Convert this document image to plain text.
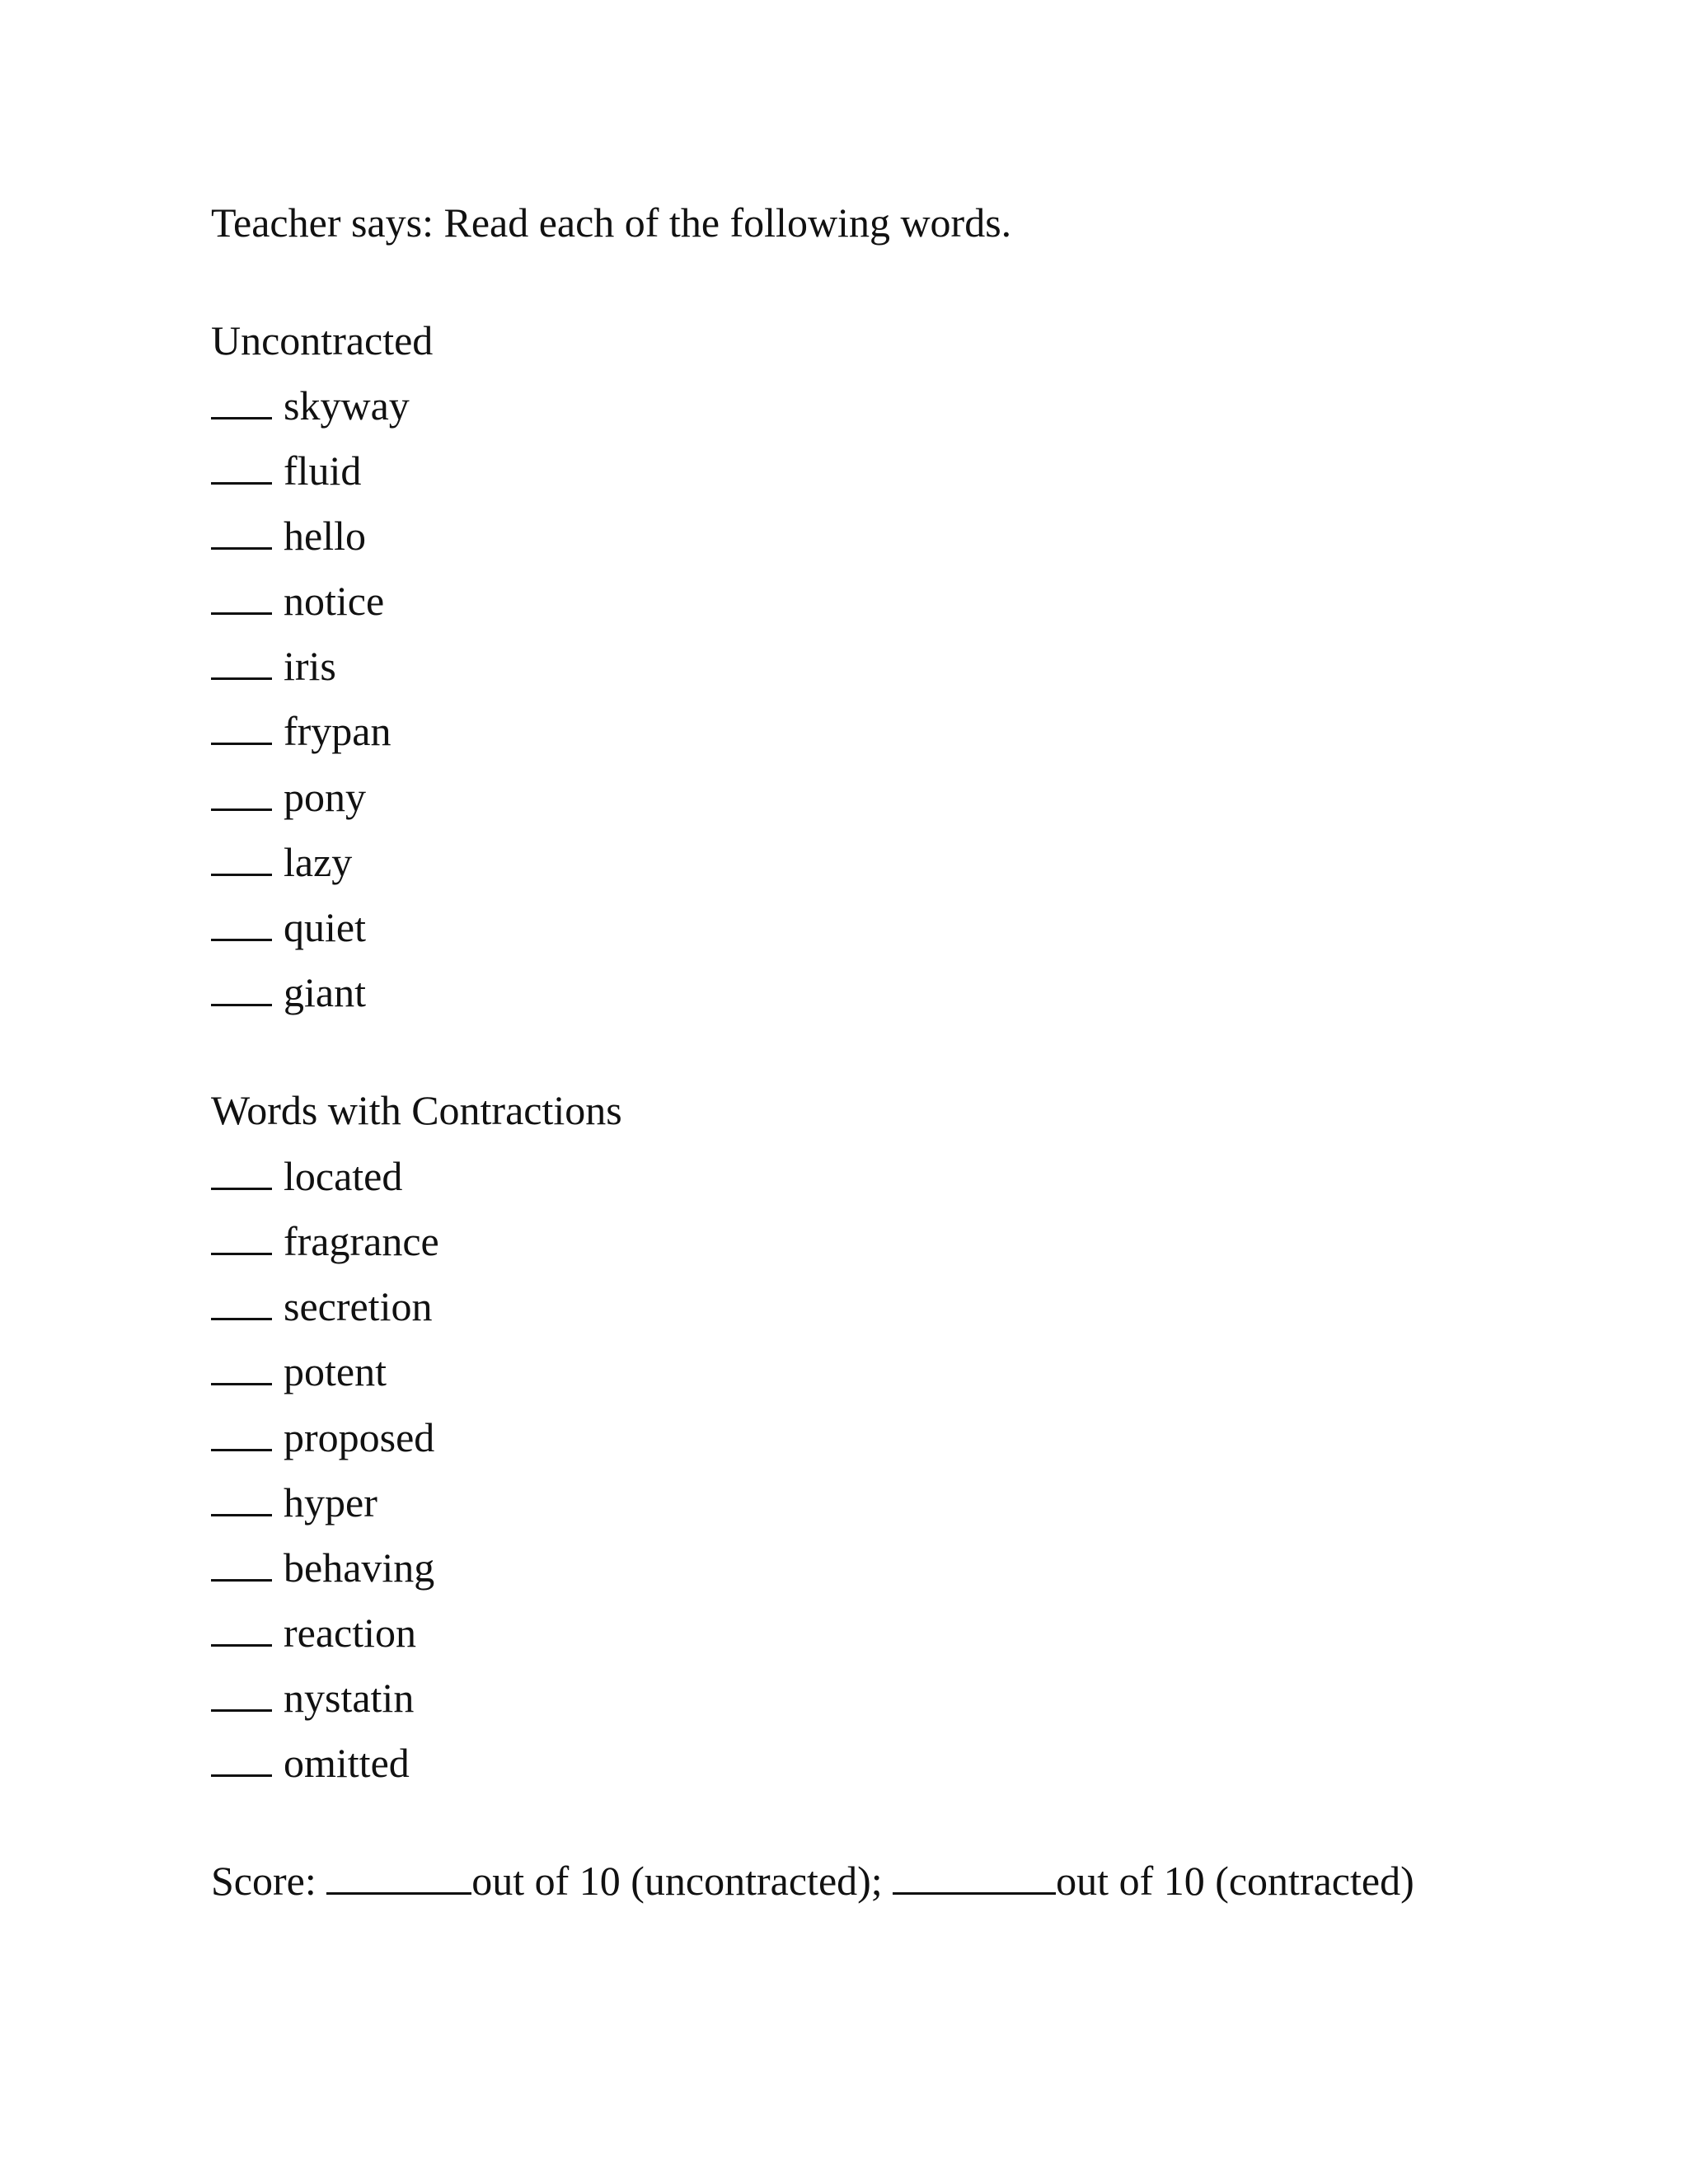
Teacher says: Read each of the following words.
Uncontracted
skyway
fluid
hello
notice
iris
frypan
pony
lazy
quiet
giant
Words with Contractions
located
fragrance
secretion
potent
proposed
hyper
behaving
reaction
nystatin
omitted
Score:	out of 10 (uncontracted);	out of 10 (contracted)
